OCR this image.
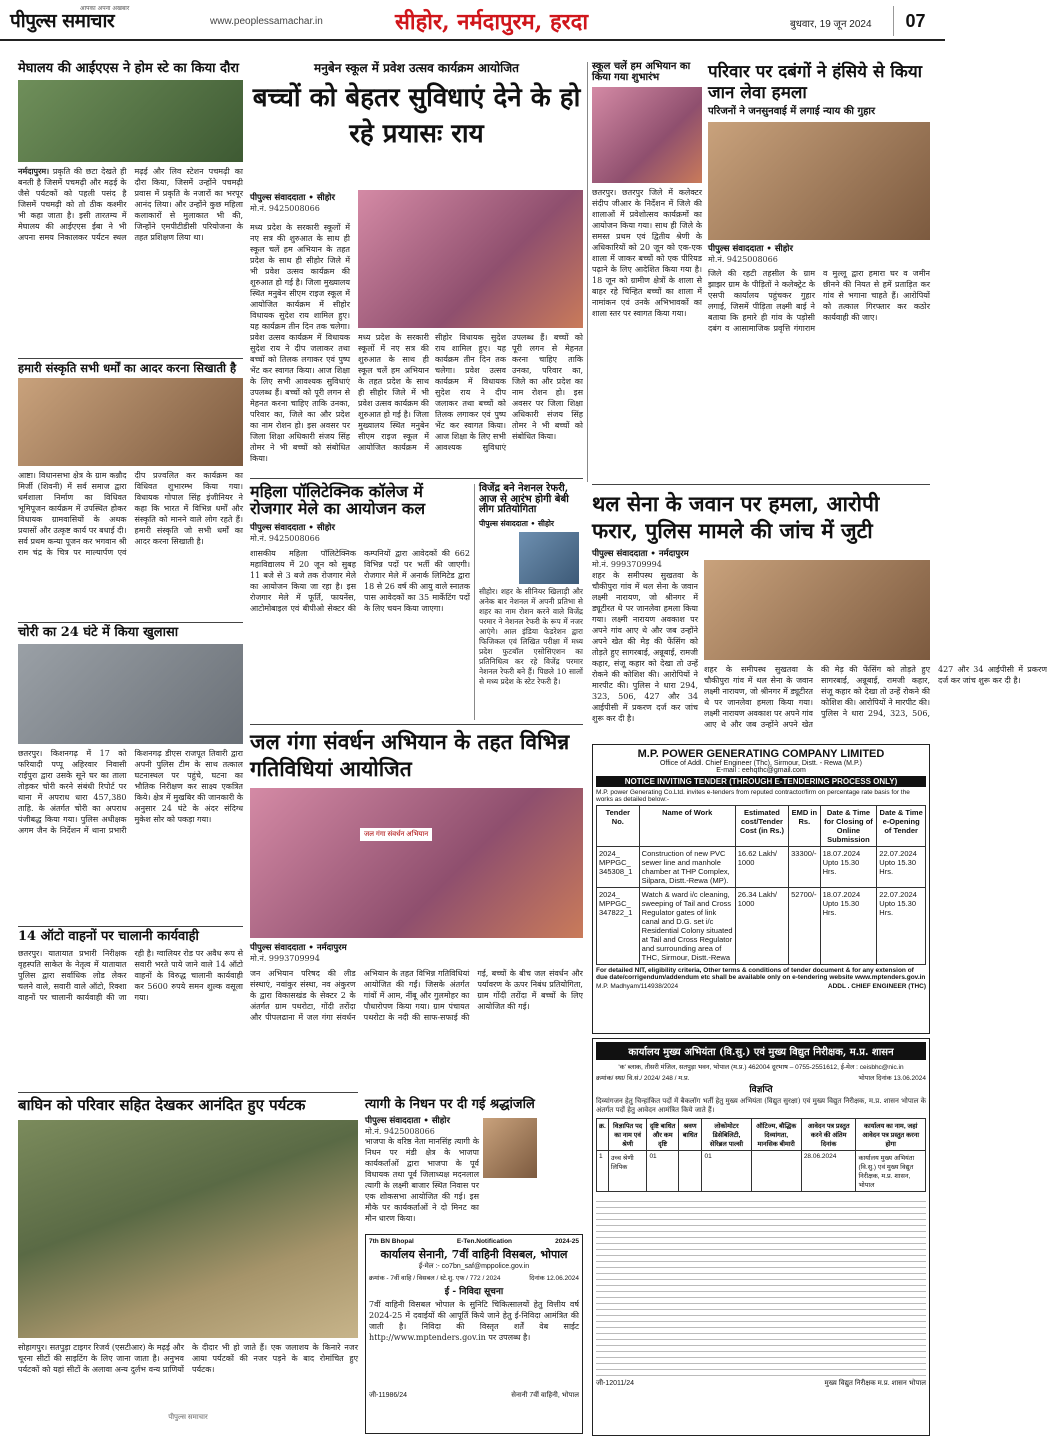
आपका अपना अखबार
पीपुल्स समाचार	www.peoplessamachar.in	सीहोर, नर्मदापुरम, हरदा	बुधवार, 19 जून 2024	07
मेघालय की आईएएस ने होम स्टे का किया दौरा
नर्मदापुरम। प्रकृति की छटा देखते ही बनती है जिसमें पचमढ़ी और मढ़ई के जैसे पर्यटकों को पहली पसंद है जिसमें पचमढ़ी को तो ठीक कश्मीर भी कहा जाता है। इसी तारतम्य में मेघालय की आईएएस ईबा ने भी अपना समय निकालकर पर्यटन स्थल मढ़ई और लिव स्टेशन पचमढ़ी का दौरा किया, जिसमें उन्होंने पचमढ़ी प्रवास में प्रकृति के नजारों का भरपूर आनंद लिया। और उन्होंने कुछ महिला कलाकारों से मुलाकात भी की, जिन्होंने एमपीटीडीसी परियोजना के तहत प्रशिक्षण लिया था।
हमारी संस्कृति सभी धर्मों का आदर करना सिखाती है
आष्टा। विधानसभा क्षेत्र के ग्राम कन्नौद मिर्जी (शिवनी) में सर्व समाज द्वारा धर्मशाला निर्माण का विधिवत भूमिपूजन कार्यक्रम में उपस्थित होकर विधायक ग्रामवासियों के अथक प्रयासों और उत्कृष्ट कार्य पर बधाई दी। सर्व प्रथम कन्या पूजन कर भगवान श्री राम चंद्र के चित्र पर माल्यार्पण एवं दीप प्रज्वलित कर कार्यक्रम का विधिवत शुभारम्भ किया गया। विधायक गोपाल सिंह इंजीनियर ने कहा कि भारत में विभिन्न धर्मों और संस्कृति को मानने वाले लोग रहते हैं। हमारी संस्कृति जो सभी धर्मों का आदर करना सिखाती है।
चोरी का 24 घंटे में किया खुलासा
छतरपुर। किशनगढ़ में 17 को फरियादी पप्पू अहिरवार निवासी राईपुरा द्वारा उसके सूने घर का ताला तोड़कर चोरी करने संबंधी रिपोर्ट पर थाना में अपराध धारा 457,380 ताहि. के अंतर्गत चोरी का अपराध पंजीबद्ध किया गया। पुलिस अधीक्षक अगम जैन के निर्देशन में थाना प्रभारी किशनगढ़ डीएस राजपूत तिवारी द्वारा अपनी पुलिस टीम के साथ तत्काल घटनास्थल पर पहुंचे, घटना का भौतिक निरीक्षण कर साक्ष्य एकत्रित किये। क्षेत्र में मुखबिर की जानकारी के अनुसार 24 घंटे के अंदर संदिग्ध मुकेश सोर को पकड़ा गया।
14 ऑटो वाहनों पर चालानी कार्यवाही
छतरपुर। यातायात प्रभारी निरीक्षक वृहस्पति साकेत के नेतृत्व में यातायात पुलिस द्वारा सर्वाधिक लोड लेकर चलने वाले, सवारी वाले ऑटो, रिक्शा वाहनों पर चालानी कार्यवाही की जा रही है। ग्वालियर रोड पर अवैध रूप से सवारी भरते पाये जाने वाले 14 ऑटो वाहनों के विरुद्ध चालानी कार्यवाही कर 5600 रुपये समन शुल्क वसूला गया।
मनुबेन स्कूल में प्रवेश उत्सव कार्यक्रम आयोजित
बच्चों को बेहतर सुविधाएं देने के हो रहे प्रयासः राय
पीपुल्स संवाददाता • सीहोर
मो.नं. 9425008066
मध्य प्रदेश के सरकारी स्कूलों में नए सत्र की शुरुआत के साथ ही स्कूल चलें हम अभियान के तहत प्रदेश के साथ ही सीहोर जिले में भी प्रवेश उत्सव कार्यक्रम की शुरुआत हो गई है। जिला मुख्यालय स्थित मनुबेन सीएम राइज स्कूल में आयोजित कार्यक्रम में सीहोर विधायक सुदेश राय शामिल हुए। यह कार्यक्रम तीन दिन तक चलेगा। प्रवेश उत्सव कार्यक्रम में विधायक सुदेश राय ने दीप जलाकर तथा बच्चों को तिलक लगाकर एवं पुष्प भेंट कर स्वागत किया। आज शिक्षा के लिए सभी आवश्यक सुविधाएं उपलब्ध हैं। बच्चों को पूरी लगन से मेहनत करना चाहिए ताकि उनका, परिवार का, जिले का और प्रदेश का नाम रोशन हो। इस अवसर पर जिला शिक्षा अधिकारी संजय सिंह तोमर ने भी बच्चों को संबोधित किया।
मध्य प्रदेश के सरकारी स्कूलों में नए सत्र की शुरुआत के साथ ही स्कूल चलें हम अभियान के तहत प्रदेश के साथ ही सीहोर जिले में भी प्रवेश उत्सव कार्यक्रम की शुरुआत हो गई है। जिला मुख्यालय स्थित मनुबेन सीएम राइज स्कूल में आयोजित कार्यक्रम में सीहोर विधायक सुदेश राय शामिल हुए। यह कार्यक्रम तीन दिन तक चलेगा। प्रवेश उत्सव कार्यक्रम में विधायक सुदेश राय ने दीप जलाकर तथा बच्चों को तिलक लगाकर एवं पुष्प भेंट कर स्वागत किया। आज शिक्षा के लिए सभी आवश्यक सुविधाएं उपलब्ध हैं। बच्चों को पूरी लगन से मेहनत करना चाहिए ताकि उनका, परिवार का, जिले का और प्रदेश का नाम रोशन हो। इस अवसर पर जिला शिक्षा अधिकारी संजय सिंह तोमर ने भी बच्चों को संबोधित किया।
महिला पॉलिटेक्निक कॉलेज में रोजगार मेले का आयोजन कल
पीपुल्स संवाददाता • सीहोर
मो.नं. 9425008066
शासकीय महिला पॉलिटेक्निक महाविद्यालय में 20 जून को सुबह 11 बजे से 3 बजे तक रोजगार मेले का आयोजन किया जा रहा है। इस रोजगार मेले में फूर्ति, फायनेंस, आटोमोबाइल एवं बीपीओ सेक्टर की कम्पनियों द्वारा आवेदकों की 662 विभिन्न पदों पर भर्ती की जाएगी। रोजगार मेले में अनार्क लिमिटेड द्वारा 18 से 26 वर्ष की आयु वाले स्नातक पास आवेदकों का 35 मार्केटिंग पदों के लिए चयन किया जाएगा।
विजेंद्र बने नेशनल रेफरी, आज से आरंभ होगी बेबी लीग प्रतियोगिता
पीपुल्स संवाददाता • सीहोर
सीहोर। शहर के सीनियर खिलाड़ी और अनेक बार नेशनल में अपनी प्रतिभा से शहर का नाम रोशन करने वाले विजेंद्र परमार ने नेशनल रेफरी के रूप में नजर आएंगे। आल इंडिया फेडरेशन द्वारा फिजिकल एवं लिखित परीक्षा में मध्य प्रदेश फुटबॉल एसोसिएशन का प्रतिनिधित्व कर रहे विजेंद्र परमार नेशनल रेफरी बने हैं। पिछले 10 सालों से मध्य प्रदेश के स्टेट रेफरी है।
जल गंगा संवर्धन अभियान के तहत विभिन्न गतिविधियां आयोजित
जल गंगा संवर्धन अभियान
पीपुल्स संवाददाता • नर्मदापुरम
मो.नं. 9993709994
जन अभियान परिषद की लीड संस्थाएं, नवांकुर संस्था, नव अंकुरण के द्वारा विकासखंड के सेक्टर 2 के अंतर्गत ग्राम पथरोटा, गोंदी तरोंदा और पीपलढाना में जल गंगा संवर्धन अभियान के तहत विभिन्न गतिविधियां आयोजित की गईं। जिसके अंतर्गत गांवों में आम, नींबू और गुलमोहर का पौधारोपण किया गया। ग्राम पंचायत पथरोटा के नदी की साफ-सफाई की गई, बच्चों के बीच जल संवर्धन और पर्यावरण के ऊपर निबंध प्रतियोगिता, ग्राम गोंदी तरोंदा में बच्चों के लिए आयोजित की गई।
त्यागी के निधन पर दी गई श्रद्धांजलि
पीपुल्स संवाददाता • सीहोर
मो.नं. 9425008066
भाजपा के वरिष्ठ नेता मानसिंह त्यागी के निधन पर मंडी क्षेत्र के भाजपा कार्यकर्ताओं द्वारा भाजपा के पूर्व विधायक तथा पूर्व जिलाध्यक्ष मदनलाल त्यागी के लक्ष्मी बाजार स्थित निवास पर एक शोकसभा आयोजित की गई। इस मौके पर कार्यकर्ताओं ने दो मिनट का मौन धारण किया।
7th BN Bhopal	E-Ten.Notification	2024-25
कार्यालय सेनानी, 7वीं वाहिनी विसबल, भोपाल
ई-मेल :- co7bn_saf@mppolice.gov.in
क्रमांक - 7वीं वाहि / विसबल / स्टे.शु. एफ / 772 / 2024	दिनांक 12.06.2024
ई - निविदा सूचना
7वीं वाहिनी विसबल भोपाल के सुनिटि चिकित्सालयों हेतु वित्तीय वर्ष 2024-25 में दवाईयों की आपूर्ति किये जाने हेतु ई-निविदा आमंत्रित की जाती है। निविदा की विस्तृत शर्तें वेब साईट http://www.mptenders.gov.in पर उपलब्ध है।
जी-11986/24	सेनानी 7वीं वाहिनी, भोपाल
बाघिन को परिवार सहित देखकर आनंदित हुए पर्यटक
सोहागपुर। सतपुड़ा टाइगर रिजर्व (एसटीआर) के मढ़ई और चूरना सीटों की साइटिंग के लिए जाना जाता है। अनुभव पर्यटकों को यहां सीटों के अलावा अन्य दुर्लभ वन्य प्राणियों के दीदार भी हो जाते हैं। एक जलाशय के किनारे नजर आया पर्यटकों की नजर पड़ने के बाद रोमांचित हुए पर्यटक।
पीपुल्स समाचार
स्कूल चलें हम अभियान का किया गया शुभारंभ
छतरपुर। छतरपुर जिले में कलेक्टर संदीप जीआर के निर्देशन में जिले की शालाओं में प्रवेशोत्सव कार्यक्रमों का आयोजन किया गया। साथ ही जिले के समस्त प्रथम एवं द्वितीय श्रेणी के अधिकारियों को 20 जून को एक-एक शाला में जाकर बच्चों को एक पीरियड पढ़ाने के लिए आदेशित किया गया है। 18 जून को ग्रामीण क्षेत्रों के शाला से बाहर रहे चिन्हित बच्चों का शाला में नामांकन एवं उनके अभिभावकों का शाला स्तर पर स्वागत किया गया।
परिवार पर दबंगों ने हंसिये से किया जान लेवा हमला
परिजनों ने जनसुनवाई में लगाई न्याय की गुहार
पीपुल्स संवाददाता • सीहोर
मो.नं. 9425008066
जिले की रहटी तहसील के ग्राम झाझर ग्राम के पीड़ितों ने कलेक्ट्रेट के एसपी कार्यालय पहुंचकर गुहार लगाई, जिसमें पीड़िता लक्ष्मी बाई ने बताया कि हमारे ही गांव के पड़ोसी दबंग व आसामाजिक प्रवृत्ति गंगाराम व मुल्लू द्वारा हमारा घर व जमीन छीनने की नियत से हमें प्रताड़ित कर गांव से भगाना चाहते हैं। आरोपियों को तत्काल गिरफ्तार कर कठोर कार्यवाही की जाए।
थल सेना के जवान पर हमला, आरोपी फरार, पुलिस मामले की जांच में जुटी
पीपुल्स संवाददाता • नर्मदापुरम
मो.नं. 9993709994
शहर के समीपस्थ सुखतवा के चौकीपुरा गांव में थल सेना के जवान लक्ष्मी नारायण, जो श्रीनगर में ड्यूटीरत थे पर जानलेवा हमला किया गया। लक्ष्मी नारायण अवकाश पर अपने गांव आए थे और जब उन्होंने अपने खेत की मेड़ की फेंसिंग को तोड़ते हुए सागरबाई, अन्नूबाई, रामजी कहार, संजू कहार को देखा तो उन्हें रोकने की कोशिश की। आरोपियों ने मारपीट की। पुलिस ने धारा 294, 323, 506, 427 और 34 आईपीसी में प्रकरण दर्ज कर जांच शुरू कर दी है।
शहर के समीपस्थ सुखतवा के चौकीपुरा गांव में थल सेना के जवान लक्ष्मी नारायण, जो श्रीनगर में ड्यूटीरत थे पर जानलेवा हमला किया गया। लक्ष्मी नारायण अवकाश पर अपने गांव आए थे और जब उन्होंने अपने खेत की मेड़ की फेंसिंग को तोड़ते हुए सागरबाई, अन्नूबाई, रामजी कहार, संजू कहार को देखा तो उन्हें रोकने की कोशिश की। आरोपियों ने मारपीट की। पुलिस ने धारा 294, 323, 506, 427 और 34 आईपीसी में प्रकरण दर्ज कर जांच शुरू कर दी है।
M.P. POWER GENERATING COMPANY LIMITED
Office of Addl. Chief Engineer (Thc), Sirmour, Distt. - Rewa (M.P.)
E-mail : eehqthc@gmail.com
NOTICE INVITING TENDER (THROUGH E-TENDERING PROCESS ONLY)
M.P. power Generating Co.Ltd. invites e-tenders from reputed contractor/firm on percentage rate basis for the works as detailed below:-
Tender No.	Name of Work	Estimated cost/Tender Cost (in Rs.)	EMD in Rs.	Date & Time for Closing of Online Submission	Date & Time e-Opening of Tender
2024_ MPPGC_ 345308_1	Construction of new PVC sewer line and manhole chamber at THP Complex, Silpara, Distt.-Rewa (MP).	16.62 Lakh/ 1000	33300/-	18.07.2024 Upto 15.30 Hrs.	22.07.2024 Upto 15.30 Hrs.
2024_ MPPGC_ 347822_1	Watch & ward i/c cleaning, sweeping of Tail and Cross Regulator gates of link canal and D.G. set i/c Residential Colony situated at Tail and Cross Regulator and surrounding area of THC, Sirmour, Distt.-Rewa	26.34 Lakh/ 1000	52700/-	18.07.2024 Upto 15.30 Hrs.	22.07.2024 Upto 15.30 Hrs.
For detailed NIT, eligibility criteria, Other terms & conditions of tender document & for any extension of due date/corrigendum/addendum etc shall be available only on e-tendering website www.mptenders.gov.in
M.P. Madhyam/114938/2024	ADDL . CHIEF ENGINEER (THC)
कार्यालय मुख्य अभियंता (वि.सु.) एवं मुख्य विद्युत निरीक्षक, म.प्र. शासन
'क' ब्लाक, तीसरी मंजिल, सतपुड़ा भवन, भोपाल (म.प्र.) 462004 दूरभाष – 0755-2551612, ई-मेल : ceisbhc@nic.in
क्रमांक/ स्था/ वि.सं./ 2024/ 248 / म.प्र.	भोपाल दिनांक 13.06.2024
विज्ञप्ति
दिव्यांगजन हेतु चिन्हांकित पदों में बैकलॉग भर्ती हेतु मुख्य अभियंता (विद्युत सुरक्षा) एवं मुख्य विद्युत निरीक्षक, म.प्र. शासन भोपाल के अंतर्गत पदों हेतु आवेदन आमंत्रित किये जाते हैं।
क्र.	विज्ञापित पद का नाम एवं श्रेणी	दृष्टि बाधित और कम दृष्टि	श्रवण बाधित	लोकोमोटर डिसेबिलिटी, सेरिब्रल पाल्सी	ऑटिज्म, बौद्धिक दिव्यांगता, मानसिक बीमारी	आवेदन पत्र प्रस्तुत करने की अंतिम दिनांक	कार्यालय का नाम, जहां आवेदन पत्र प्रस्तुत करना होगा
1	उच्च श्रेणी लिपिक	01		01		28.06.2024	कार्यालय मुख्य अभियंता (वि.सु.) एवं मुख्य विद्युत निरीक्षक, म.प्र. शासन, भोपाल
जी-12011/24	मुख्य विद्युत निरीक्षक म.प्र. शासन भोपाल
